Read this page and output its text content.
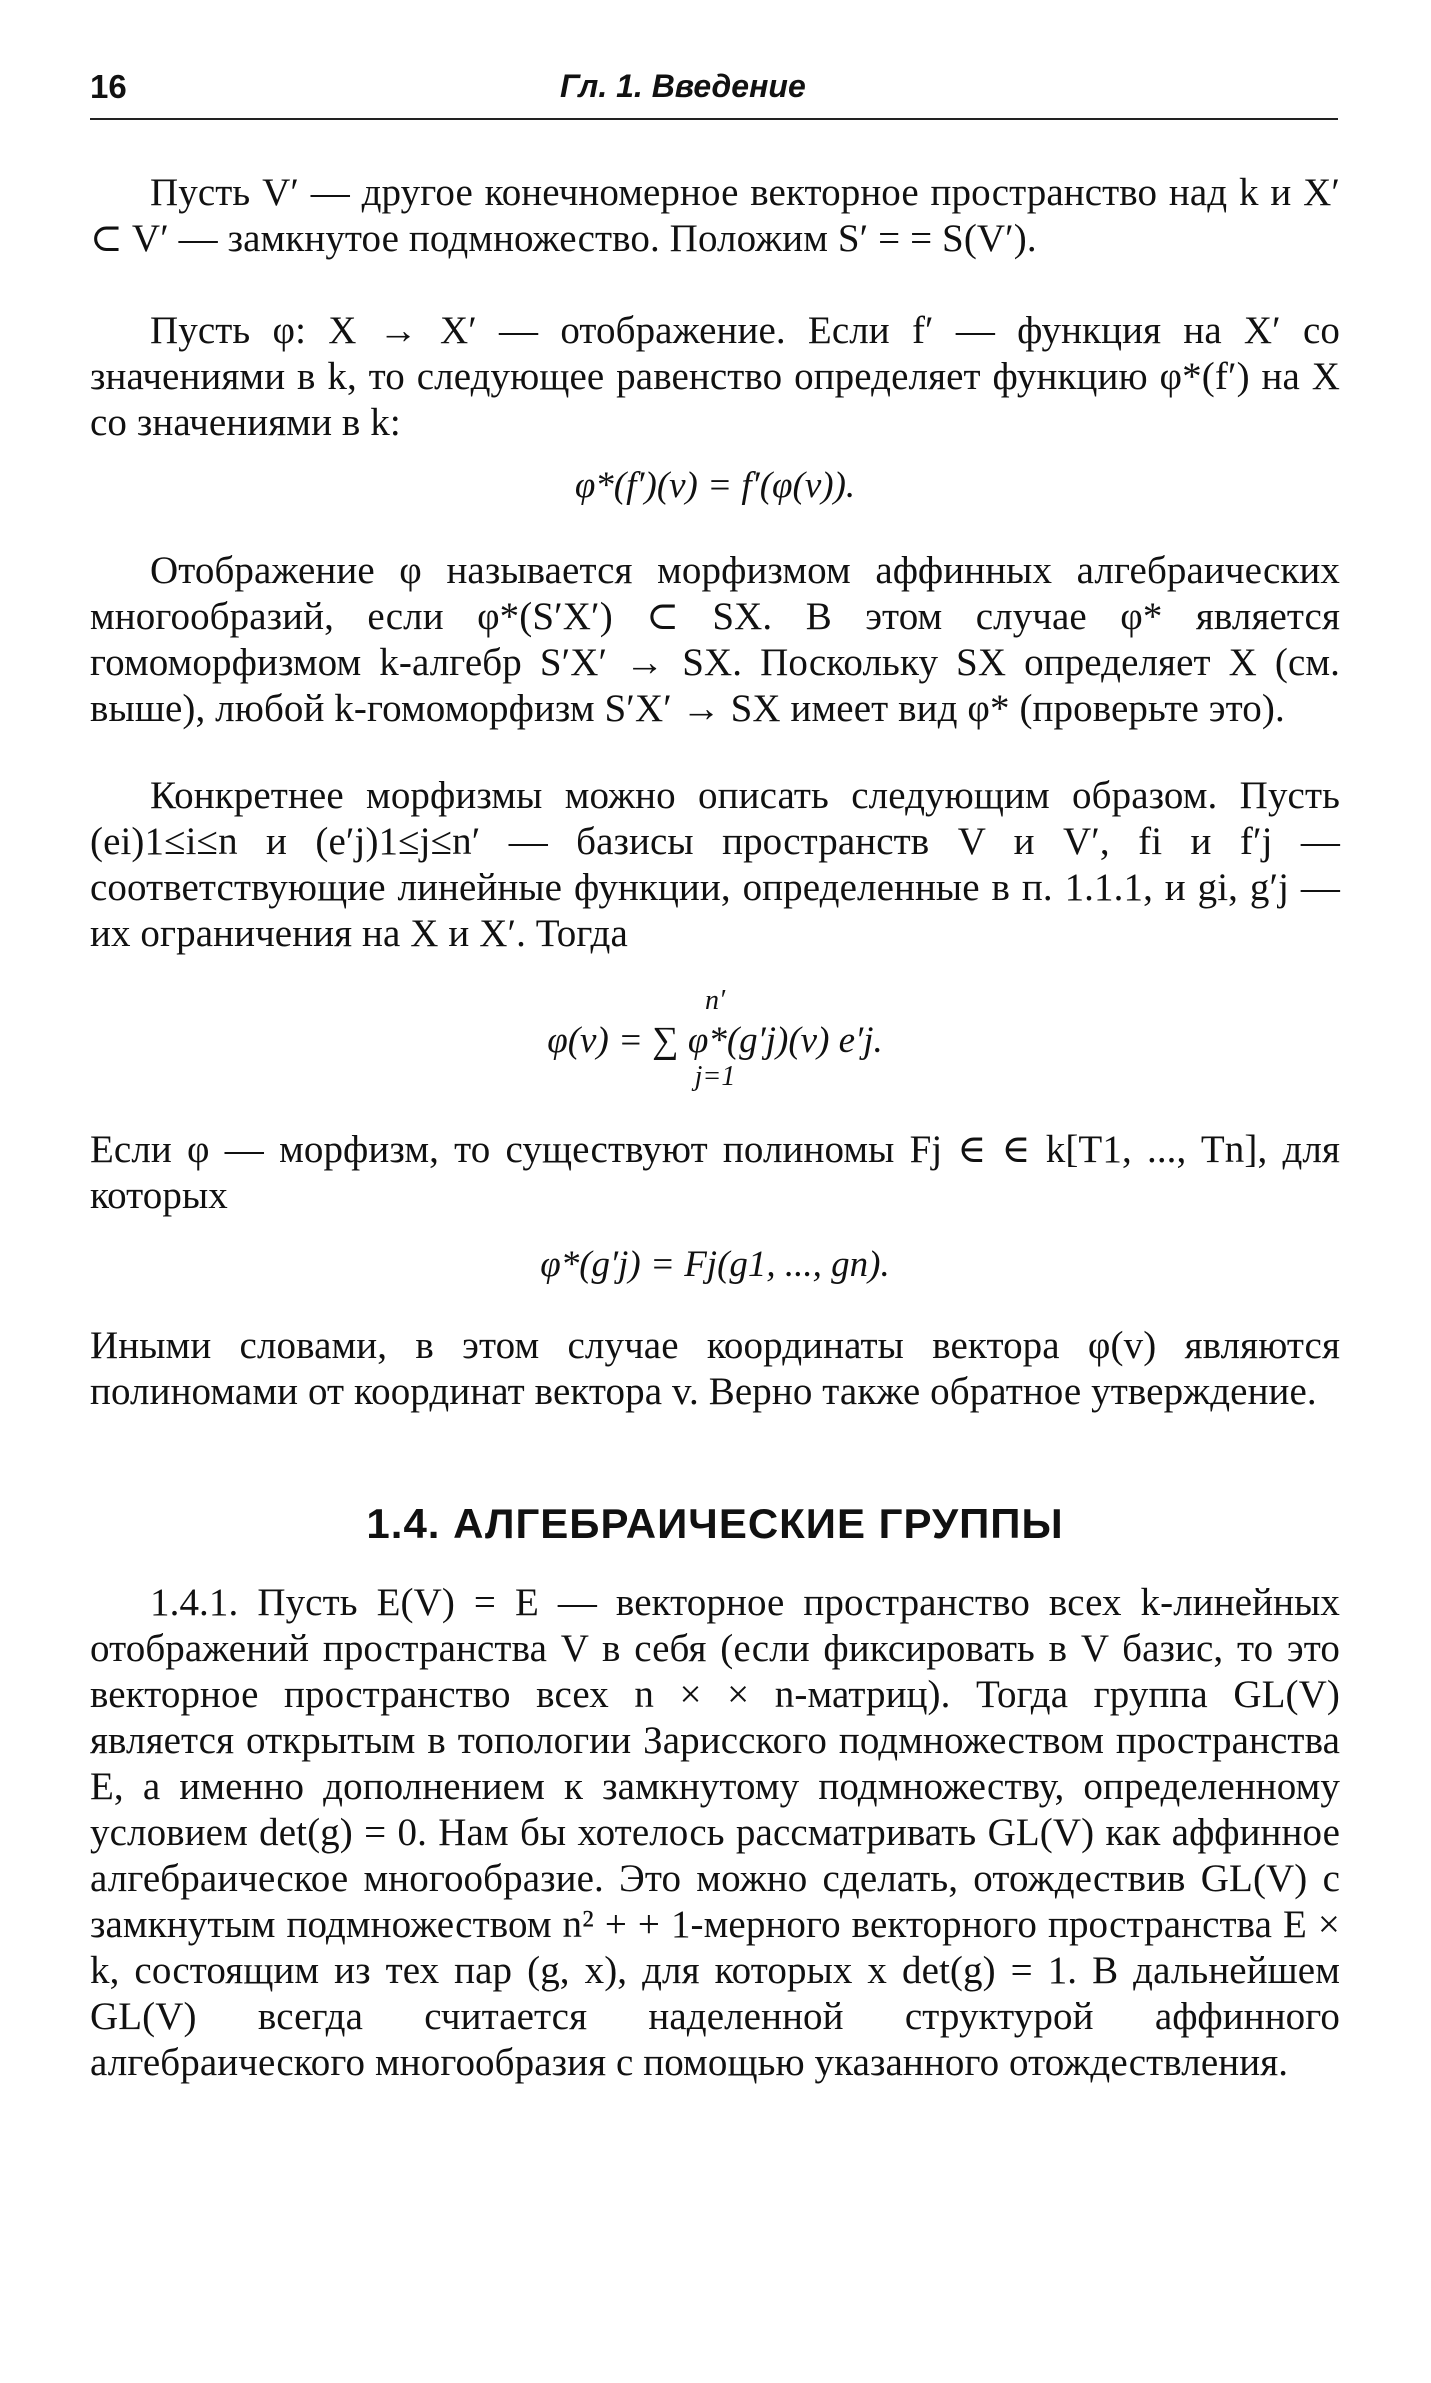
16	Гл. 1. Введение
Пусть V′ — другое конечномерное векторное пространство над k и X′ ⊂ V′ — замкнутое подмножество. Положим S′ = = S(V′).
Пусть φ: X → X′ — отображение. Если f′ — функция на X′ со значениями в k, то следующее равенство определяет функцию φ*(f′) на X со значениями в k:
φ*(f′)(v) = f′(φ(v)).
Отображение φ называется морфизмом аффинных алгебраических многообразий, если φ*(S′X′) ⊂ SX. В этом случае φ* является гомоморфизмом k-алгебр S′X′ → SX. Поскольку SX определяет X (см. выше), любой k-гомоморфизм S′X′ → SX имеет вид φ* (проверьте это).
Конкретнее морфизмы можно описать следующим образом. Пусть (ei)1≤i≤n и (e′j)1≤j≤n′ — базисы пространств V и V′, fi и f′j — соответствующие линейные функции, определенные в п. 1.1.1, и gi, g′j — их ограничения на X и X′. Тогда
n′
φ(v) = ∑ φ*(g′j)(v) e′j.
j=1
Если φ — морфизм, то существуют полиномы Fj ∈ ∈ k[T1, ..., Tn], для которых
φ*(g′j) = Fj(g1, ..., gn).
Иными словами, в этом случае координаты вектора φ(v) являются полиномами от координат вектора v. Верно также обратное утверждение.
1.4. АЛГЕБРАИЧЕСКИЕ ГРУППЫ
1.4.1. Пусть E(V) = E — векторное пространство всех k-линейных отображений пространства V в себя (если фиксировать в V базис, то это векторное пространство всех n × × n-матриц). Тогда группа GL(V) является открытым в топологии Зарисского подмножеством пространства E, а именно дополнением к замкнутому подмножеству, определенному условием det(g) = 0. Нам бы хотелось рассматривать GL(V) как аффинное алгебраическое многообразие. Это можно сделать, отождествив GL(V) с замкнутым подмножеством n² + + 1-мерного векторного пространства E × k, состоящим из тех пар (g, x), для которых x det(g) = 1. В дальнейшем GL(V) всегда считается наделенной структурой аффинного алгебраического многообразия с помощью указанного отождествления.
